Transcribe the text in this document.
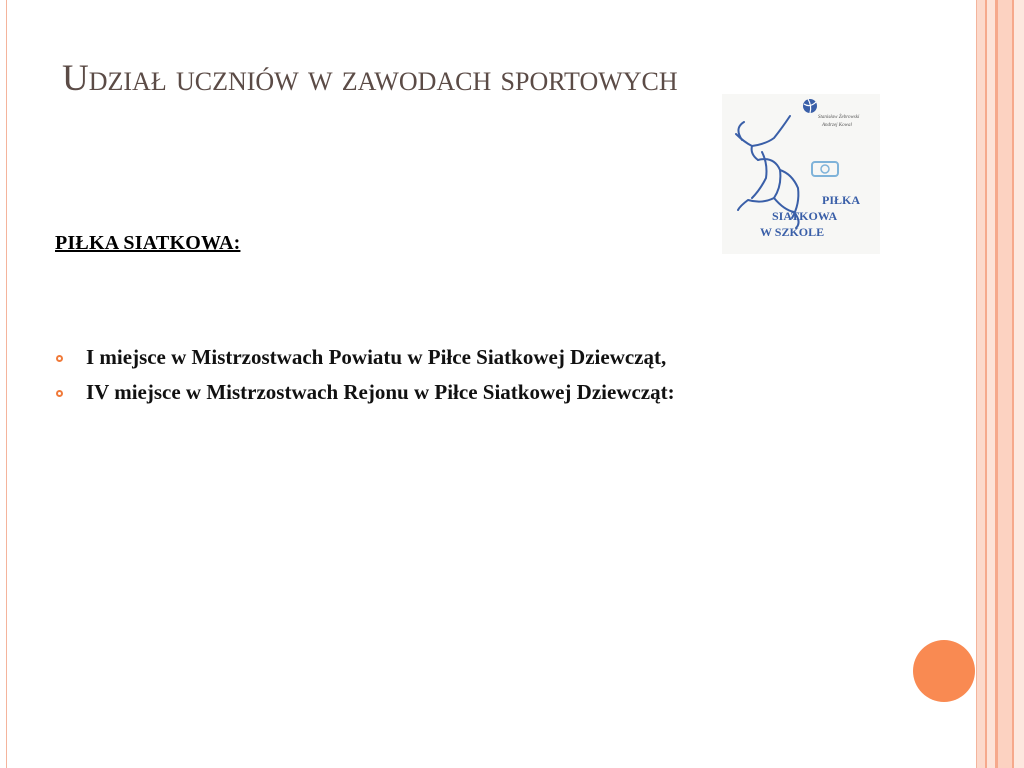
Udział uczniów w zawodach sportowych
Stanisław Żebrowski
Andrzej Kowal
PIŁKA
SIATKOWA
W SZKOLE
PIŁKA SIATKOWA:
I miejsce w Mistrzostwach Powiatu w Piłce Siatkowej Dziewcząt,
IV miejsce w Mistrzostwach Rejonu w Piłce Siatkowej Dziewcząt:
